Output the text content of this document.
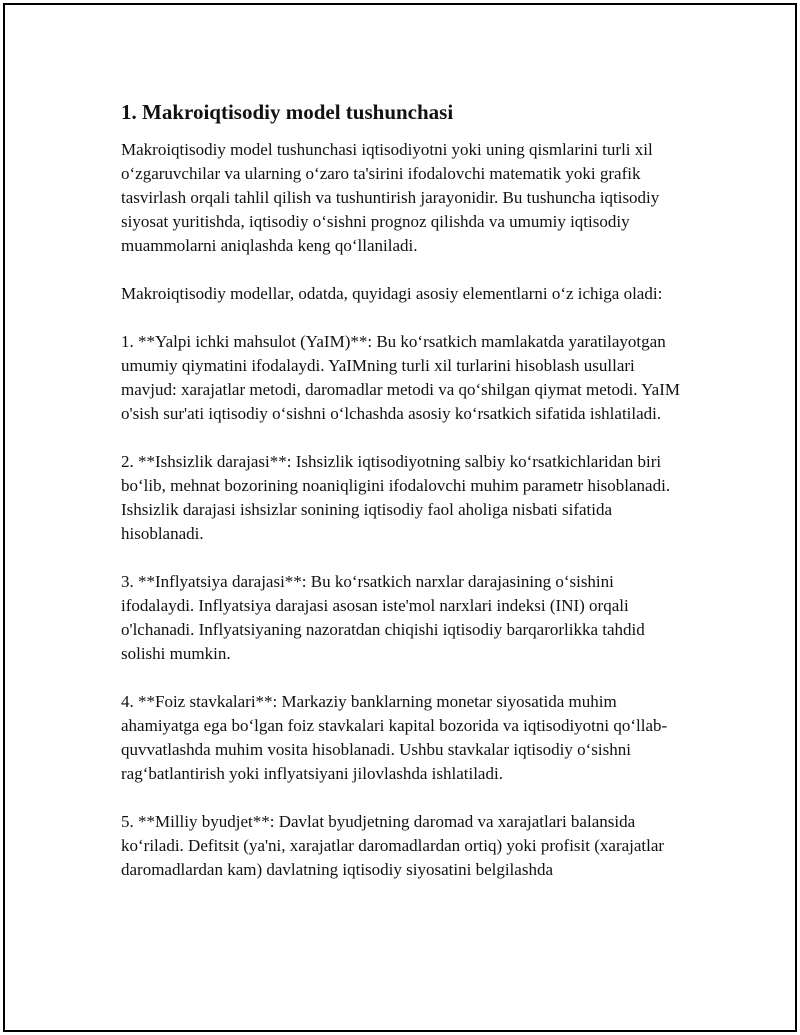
1. Makroiqtisodiy model tushunchasi

Makroiqtisodiy model tushunchasi iqtisodiyotni yoki uning qismlarini turli xil o‘zgaruvchilar va ularning o‘zaro ta'sirini ifodalovchi matematik yoki grafik tasvirlash orqali tahlil qilish va tushuntirish jarayonidir. Bu tushuncha iqtisodiy siyosat yuritishda, iqtisodiy o‘sishni prognoz qilishda va umumiy iqtisodiy muammolarni aniqlashda keng qo‘llaniladi.

Makroiqtisodiy modellar, odatda, quyidagi asosiy elementlarni o‘z ichiga oladi:

1. **Yalpi ichki mahsulot (YaIM)**: Bu ko‘rsatkich mamlakatda yaratilayotgan umumiy qiymatini ifodalaydi. YaIMning turli xil turlarini hisoblash usullari mavjud: xarajatlar metodi, daromadlar metodi va qo‘shilgan qiymat metodi. YaIM o'sish sur'ati iqtisodiy o‘sishni o‘lchashda asosiy ko‘rsatkich sifatida ishlatiladi.

2. **Ishsizlik darajasi**: Ishsizlik iqtisodiyotning salbiy ko‘rsatkichlaridan biri bo‘lib, mehnat bozorining noaniqligini ifodalovchi muhim parametr hisoblanadi. Ishsizlik darajasi ishsizlar sonining iqtisodiy faol aholiga nisbati sifatida hisoblanadi.

3. **Inflyatsiya darajasi**: Bu ko‘rsatkich narxlar darajasining o‘sishini ifodalaydi. Inflyatsiya darajasi asosan iste'mol narxlari indeksi (INI) orqali o'lchanadi. Inflyatsiyaning nazoratdan chiqishi iqtisodiy barqarorlikka tahdid solishi mumkin.

4. **Foiz stavkalari**: Markaziy banklarning monetar siyosatida muhim ahamiyatga ega bo‘lgan foiz stavkalari kapital bozorida va iqtisodiyotni qo‘llab-quvvatlashda muhim vosita hisoblanadi. Ushbu stavkalar iqtisodiy o‘sishni rag‘batlantirish yoki inflyatsiyani jilovlashda ishlatiladi.

5. **Milliy byudjet**: Davlat byudjetning daromad va xarajatlari balansida ko‘riladi. Defitsit (ya'ni, xarajatlar daromadlardan ortiq) yoki profisit (xarajatlar daromadlardan kam) davlatning iqtisodiy siyosatini belgilashda
